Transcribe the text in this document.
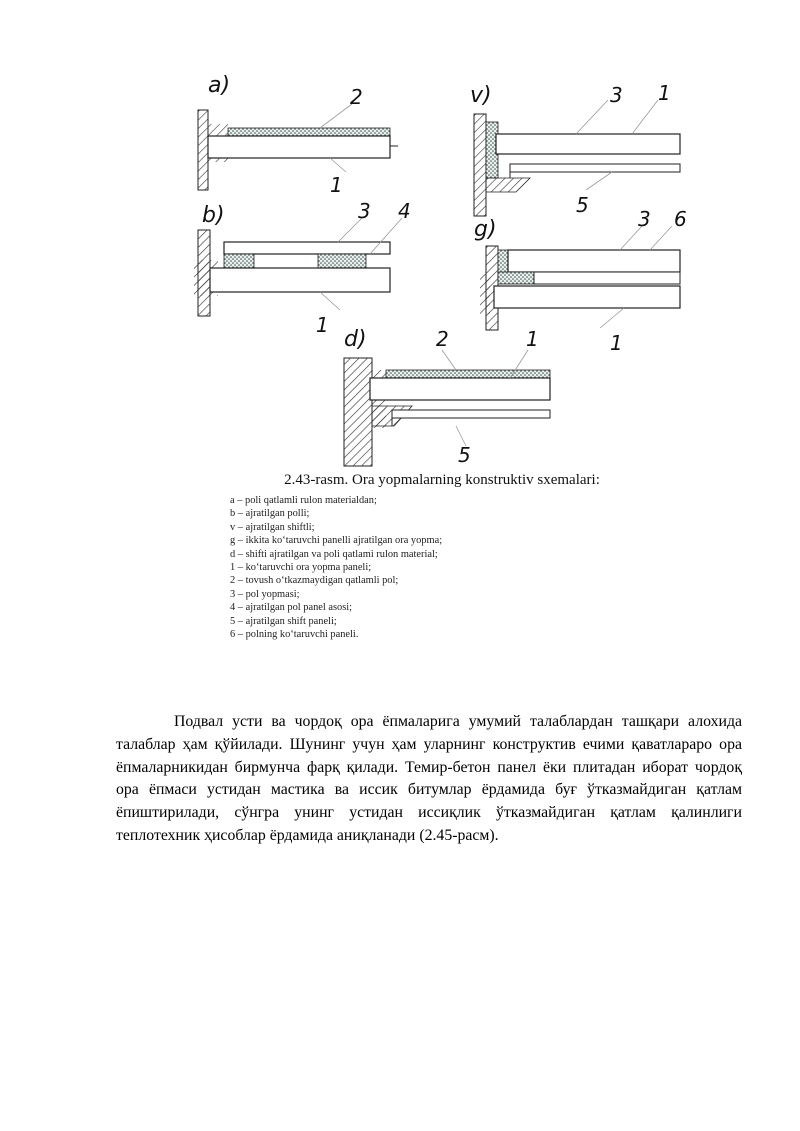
a)	2
1
v)	3 1
5
b)	3 4
1
g)	3 6
1
d)	2	1
5
2.43-rasm. Ora yopmalarning konstruktiv sxemalari:
a – poli qatlamli rulon materialdan;
b – ajratilgan polli;
v – ajratilgan shiftli;
g – ikkita koʻtaruvchi panelli ajratilgan ora yopma;
d – shifti ajratilgan va poli qatlami rulon material;
1 – koʻtaruvchi ora yopma paneli;
2 – tovush oʻtkazmaydigan qatlamli pol;
3 – pol yopmasi;
4 – ajratilgan pol panel asosi;
5 – ajratilgan shift paneli;
6 – polning koʻtaruvchi paneli.

Подвал усти ва чордоқ ора ёпмаларига умумий талаблардан ташқари алохида талаблар ҳам қўйилади. Шунинг учун ҳам уларнинг конструктив ечими қаватлараро ора ёпмаларникидан бирмунча фарқ қилади. Темир-бетон панел ёки плитадан иборат чордоқ ора ёпмаси устидан мастика ва иссик битумлар ёрдамида буғ ўтказмайдиган қатлам ёпиштирилади, сўнгра унинг устидан иссиқлик ўтказмайдиган қатлам қалинлиги теплотехник ҳисоблар ёрдамида аниқланади (2.45-расм).
